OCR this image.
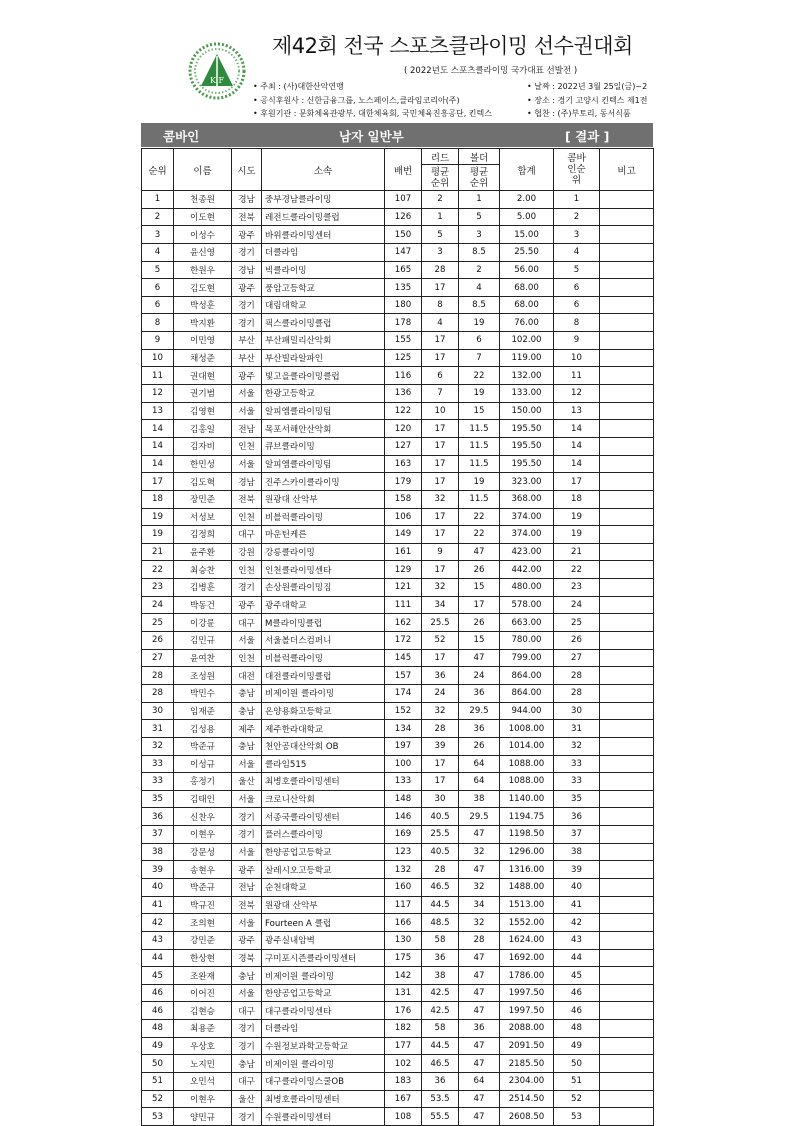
K F
제42회 전국 스포츠클라이밍 선수권대회
( 2022년도 스포츠클라이밍 국가대표 선발전 )
• 주최 : (사)대한산악연맹
• 공식후원사 : 신한금융그룹, 노스페이스,클라임코리아(주)
• 후원기관 : 문화체육관광부, 대한체육회, 국민체육진흥공단, 킨텍스
• 날짜 : 2022년 3월 25일(금)~2
• 장소 : 경기 고양시 킨텍스 제1전
• 협찬 : (주)부토리, 동서식품
콤바인	남자 일반부	[ 결과 ]
순위	이름	시도	소속	배번	리드	볼더	합계	콤바인순위	비고
					평균순위	평균순위			
1	천종원	경남	중부경남클라이밍	107	2	1	2.00	1	
2	이도현	전북	레전드클라이밍클럽	126	1	5	5.00	2	
3	이성수	광주	바위클라이밍센터	150	5	3	15.00	3	
4	윤신영	경기	더클라임	147	3	8.5	25.50	4	
5	한원우	경남	빅클라이밍	165	28	2	56.00	5	
6	김도현	광주	풍암고등학교	135	17	4	68.00	6	
6	박성훈	경기	대림대학교	180	8	8.5	68.00	6	
8	박지환	경기	픽스클라이밍클럽	178	4	19	76.00	8	
9	이민영	부산	부산패밀리산악회	155	17	6	102.00	9	
10	채성준	부산	부산빌라알파인	125	17	7	119.00	10	
11	권대현	광주	빛고을클라이밍클럽	116	6	22	132.00	11	
12	권기범	서울	한광고등학교	136	7	19	133.00	12	
13	김영현	서울	알피엠클라이밍팀	122	10	15	150.00	13	
14	김홍일	전남	목포서해안산악회	120	17	11.5	195.50	14	
14	김자비	인천	큐브클라이밍	127	17	11.5	195.50	14	
14	한민성	서울	알피엠클라이밍팀	163	17	11.5	195.50	14	
17	김도혁	경남	진주스카이클라이밍	179	17	19	323.00	17	
18	장민준	전북	원광대 산악부	158	32	11.5	368.00	18	
19	서성보	인천	비블럭클라이밍	106	17	22	374.00	19	
19	김정희	대구	마운틴케른	149	17	22	374.00	19	
21	윤주환	강원	강릉클라이밍	161	9	47	423.00	21	
22	최승찬	인천	인천클라이밍센타	129	17	26	442.00	22	
23	김병훈	경기	손상원클라이밍짐	121	32	15	480.00	23	
24	박동건	광주	광주대학교	111	34	17	578.00	24	
25	이강륜	대구	M클라이밍클럽	162	25.5	26	663.00	25	
26	김민규	서울	서울볼더스컴퍼니	172	52	15	780.00	26	
27	윤여찬	인천	비블럭클라이밍	145	17	47	799.00	27	
28	조성원	대전	대전클라이밍클럽	157	36	24	864.00	28	
28	박민수	충남	비제이원 클라이밍	174	24	36	864.00	28	
30	임재준	충남	온양용화고등학교	152	32	29.5	944.00	30	
31	김성용	제주	제주한라대학교	134	28	36	1008.00	31	
32	박준규	충남	천안공대산악회 OB	197	39	26	1014.00	32	
33	이성규	서울	클라임515	100	17	64	1088.00	33	
33	홍정기	울산	최병호클라이밍센터	133	17	64	1088.00	33	
35	김태인	서울	크로니산악회	148	30	38	1140.00	35	
36	신찬우	경기	서종국클라이밍센터	146	40.5	29.5	1194.75	36	
37	이현우	경기	플러스클라이밍	169	25.5	47	1198.50	37	
38	강문성	서울	한양공업고등학교	123	40.5	32	1296.00	38	
39	송현우	광주	살레시오고등학교	132	28	47	1316.00	39	
40	박준규	전남	순천대학교	160	46.5	32	1488.00	40	
41	박규진	전북	원광대 산악부	117	44.5	34	1513.00	41	
42	조의현	서울	Fourteen A 클럽	166	48.5	32	1552.00	42	
43	강민준	광주	광주실내암벽	130	58	28	1624.00	43	
44	한상현	경북	구미포시즌클라이밍센터	175	36	47	1692.00	44	
45	조완재	충남	비제이원 클라이밍	142	38	47	1786.00	45	
46	이어진	서울	한양공업고등학교	131	42.5	47	1997.50	46	
46	김현승	대구	대구클라이밍센타	176	42.5	47	1997.50	46	
48	최용준	경기	더클라임	182	58	36	2088.00	48	
49	우상호	경기	수원정보과학고등학교	177	44.5	47	2091.50	49	
50	노지민	충남	비제이원 클라이밍	102	46.5	47	2185.50	50	
51	오민석	대구	대구클라이밍스쿨OB	183	36	64	2304.00	51	
52	이현우	울산	최병호클라이밍센터	167	53.5	47	2514.50	52	
53	양민규	경기	수원클라이밍센터	108	55.5	47	2608.50	53	
